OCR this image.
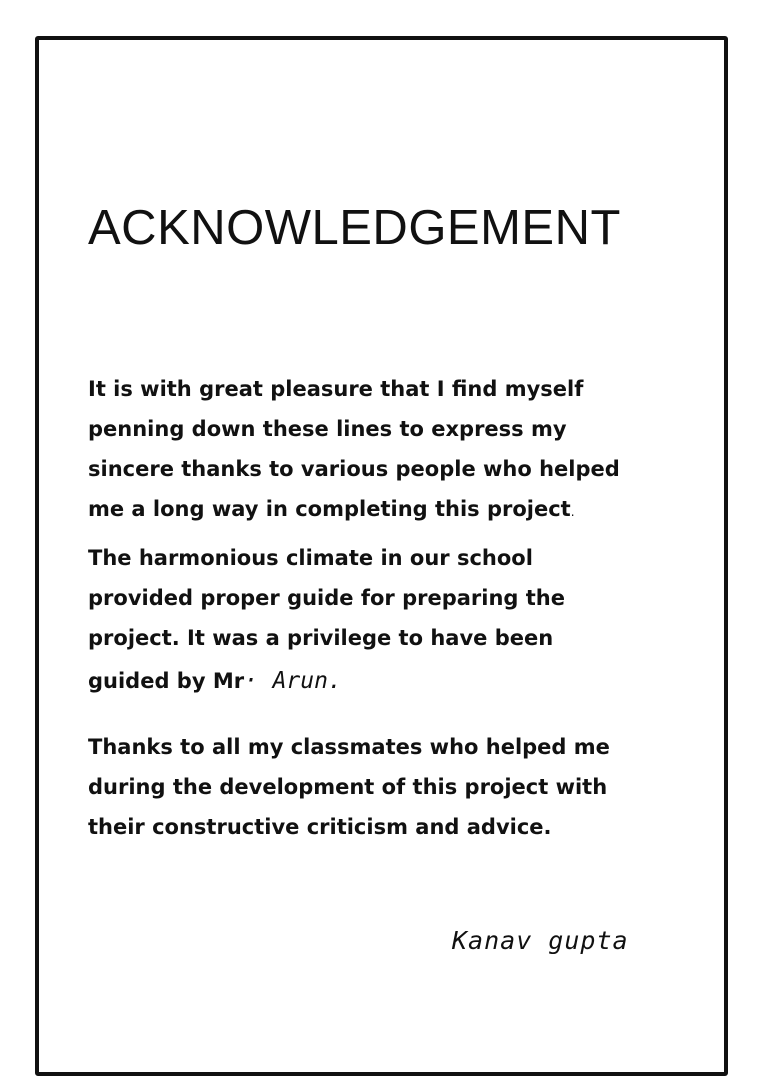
ACKNOWLEDGEMENT

It is with great pleasure that I find myself
penning down these lines to express my
sincere thanks to various people who helped
me a long way in completing this project.

The harmonious climate in our school
provided proper guide for preparing the
project. It was a privilege to have been

guided by Mr· Arun.

Thanks to all my classmates who helped me
during the development of this project with
their constructive criticism and advice.

Kanav gupta
